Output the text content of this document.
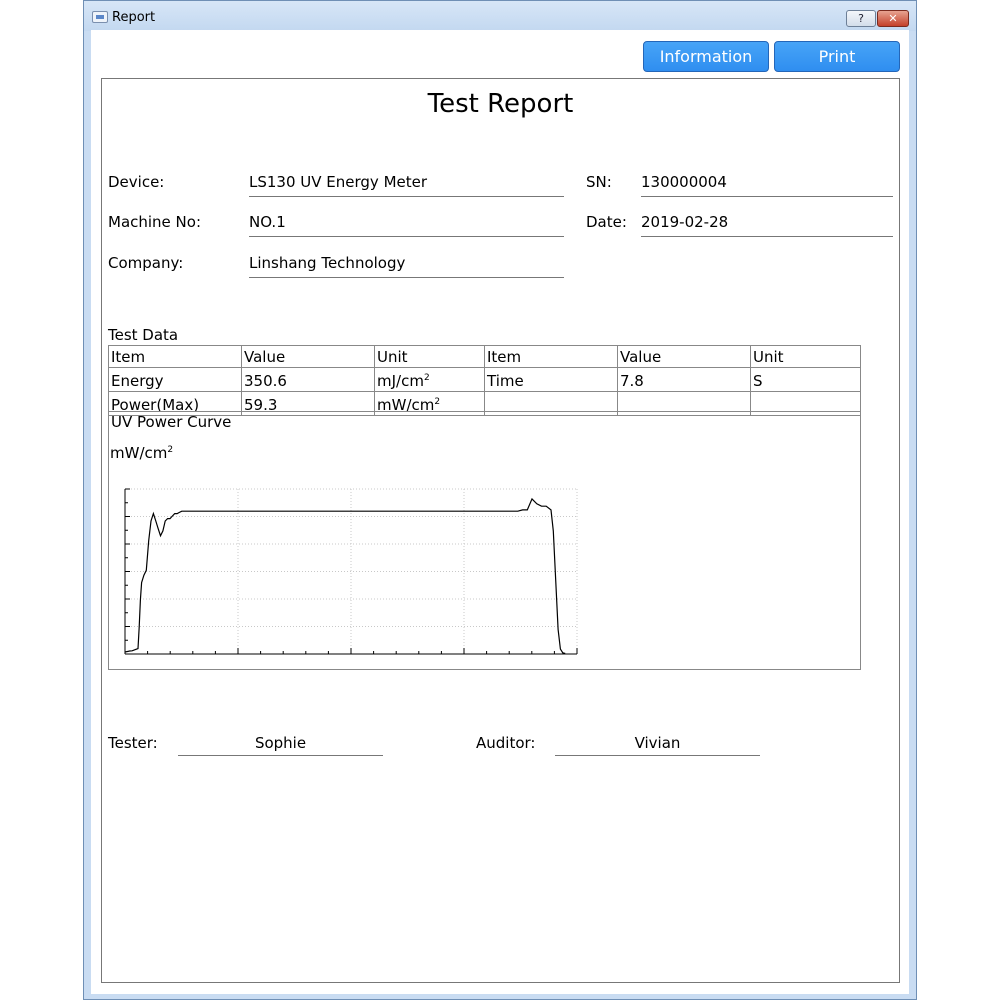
Report	?	✕
Information	Print
Test Report
Device:	LS130 UV Energy Meter	SN: 130000004
Machine No:	NO.1	Date: 2019-02-28
Company:	Linshang Technology
Test Data
Item	Value	Unit	Item	Value	Unit
Energy	350.6	$mJ/cm^2$	Time	7.8	S
Power(Max)	59.3	$mW/cm^2$			
UV Power Curve
$mW/cm^2$
Tester:	Sophie	Auditor:	Vivian
